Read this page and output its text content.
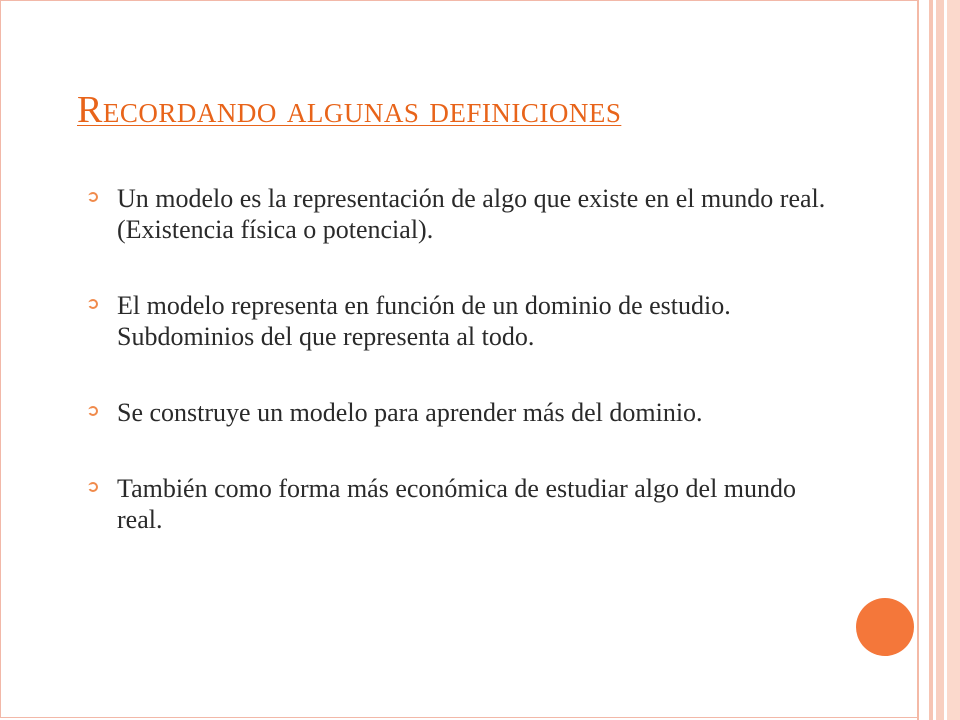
Recordando algunas definiciones
Un modelo es la representación de algo que existe en el mundo real. (Existencia física o potencial).
El modelo representa en función de un dominio de estudio. Subdominios del que representa al todo.
Se construye un modelo para aprender más del dominio.
También como forma más económica de estudiar algo del mundo real.
